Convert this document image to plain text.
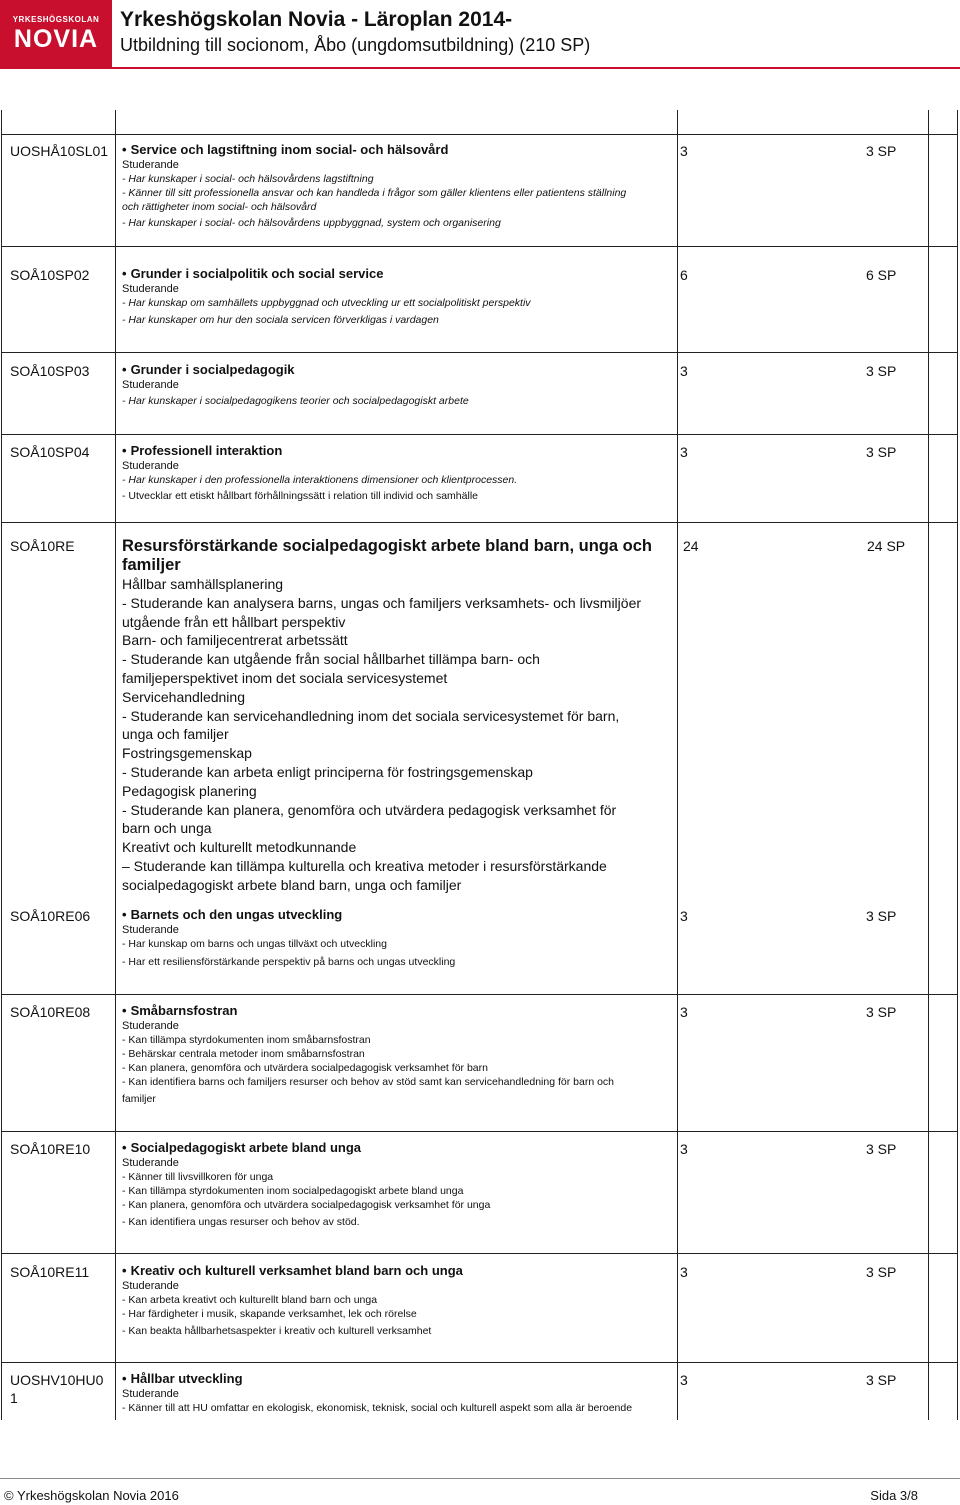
YRKESHÖGSKOLAN
NOVIA
Yrkeshögskolan Novia - Läroplan 2014-
Utbildning till socionom, Åbo (ungdomsutbildning) (210 SP)
UOSHÅ10SL01	• Service och lagstiftning inom social- och hälsovård
Studerande
- Har kunskaper i social- och hälsovårdens lagstiftning
- Känner till sitt professionella ansvar och kan handleda i frågor som gäller klientens eller patientens ställning
och rättigheter inom social- och hälsovård
- Har kunskaper i social- och hälsovårdens uppbyggnad, system och organisering
3	3 SP
SOÅ10SP02	• Grunder i socialpolitik och social service
Studerande
- Har kunskap om samhällets uppbyggnad och utveckling ur ett socialpolitiskt perspektiv
- Har kunskaper om hur den sociala servicen förverkligas i vardagen
6	6 SP
SOÅ10SP03	• Grunder i socialpedagogik
Studerande
- Har kunskaper i socialpedagogikens teorier och socialpedagogiskt arbete
3	3 SP
SOÅ10SP04	• Professionell interaktion
Studerande
- Har kunskaper i den professionella interaktionens dimensioner och klientprocessen.
- Utvecklar ett etiskt hållbart förhållningssätt i relation till individ och samhälle
3	3 SP
SOÅ10RE	Resursförstärkande socialpedagogiskt arbete bland barn, unga och familjer
Hållbar samhällsplanering
- Studerande kan analysera barns, ungas och familjers verksamhets- och livsmiljöer
utgående från ett hållbart perspektiv
Barn- och familjecentrerat arbetssätt
- Studerande kan utgående från social hållbarhet tillämpa barn- och
familjeperspektivet inom det sociala servicesystemet
Servicehandledning
- Studerande kan servicehandledning inom det sociala servicesystemet för barn,
unga och familjer
Fostringsgemenskap
- Studerande kan arbeta enligt principerna för fostringsgemenskap
Pedagogisk planering
- Studerande kan planera, genomföra och utvärdera pedagogisk verksamhet för
barn och unga
Kreativt och kulturellt metodkunnande
– Studerande kan tillämpa kulturella och kreativa metoder i resursförstärkande
socialpedagogiskt arbete bland barn, unga och familjer
24	24 SP
SOÅ10RE06	• Barnets och den ungas utveckling
Studerande
- Har kunskap om barns och ungas tillväxt och utveckling
- Har ett resiliensförstärkande perspektiv på barns och ungas utveckling
3	3 SP
SOÅ10RE08	• Småbarnsfostran
Studerande
- Kan tillämpa styrdokumenten inom småbarnsfostran
- Behärskar centrala metoder inom småbarnsfostran
- Kan planera, genomföra och utvärdera socialpedagogisk verksamhet för barn
- Kan identifiera barns och familjers resurser och behov av stöd samt kan servicehandledning för barn och
familjer
3	3 SP
SOÅ10RE10	• Socialpedagogiskt arbete bland unga
Studerande
- Känner till livsvillkoren för unga
- Kan tillämpa styrdokumenten inom socialpedagogiskt arbete bland unga
- Kan planera, genomföra och utvärdera socialpedagogisk verksamhet för unga
- Kan identifiera ungas resurser och behov av stöd.
3	3 SP
SOÅ10RE11	• Kreativ och kulturell verksamhet bland barn och unga
Studerande
- Kan arbeta kreativt och kulturellt bland barn och unga
- Har färdigheter i musik, skapande verksamhet, lek och rörelse
- Kan beakta hållbarhetsaspekter i kreativ och kulturell verksamhet
3	3 SP
UOSHV10HU01
• Hållbar utveckling
Studerande
- Känner till att HU omfattar en ekologisk, ekonomisk, teknisk, social och kulturell aspekt som alla är beroende
3	3 SP
© Yrkeshögskolan Novia 2016	Sida 3/8
